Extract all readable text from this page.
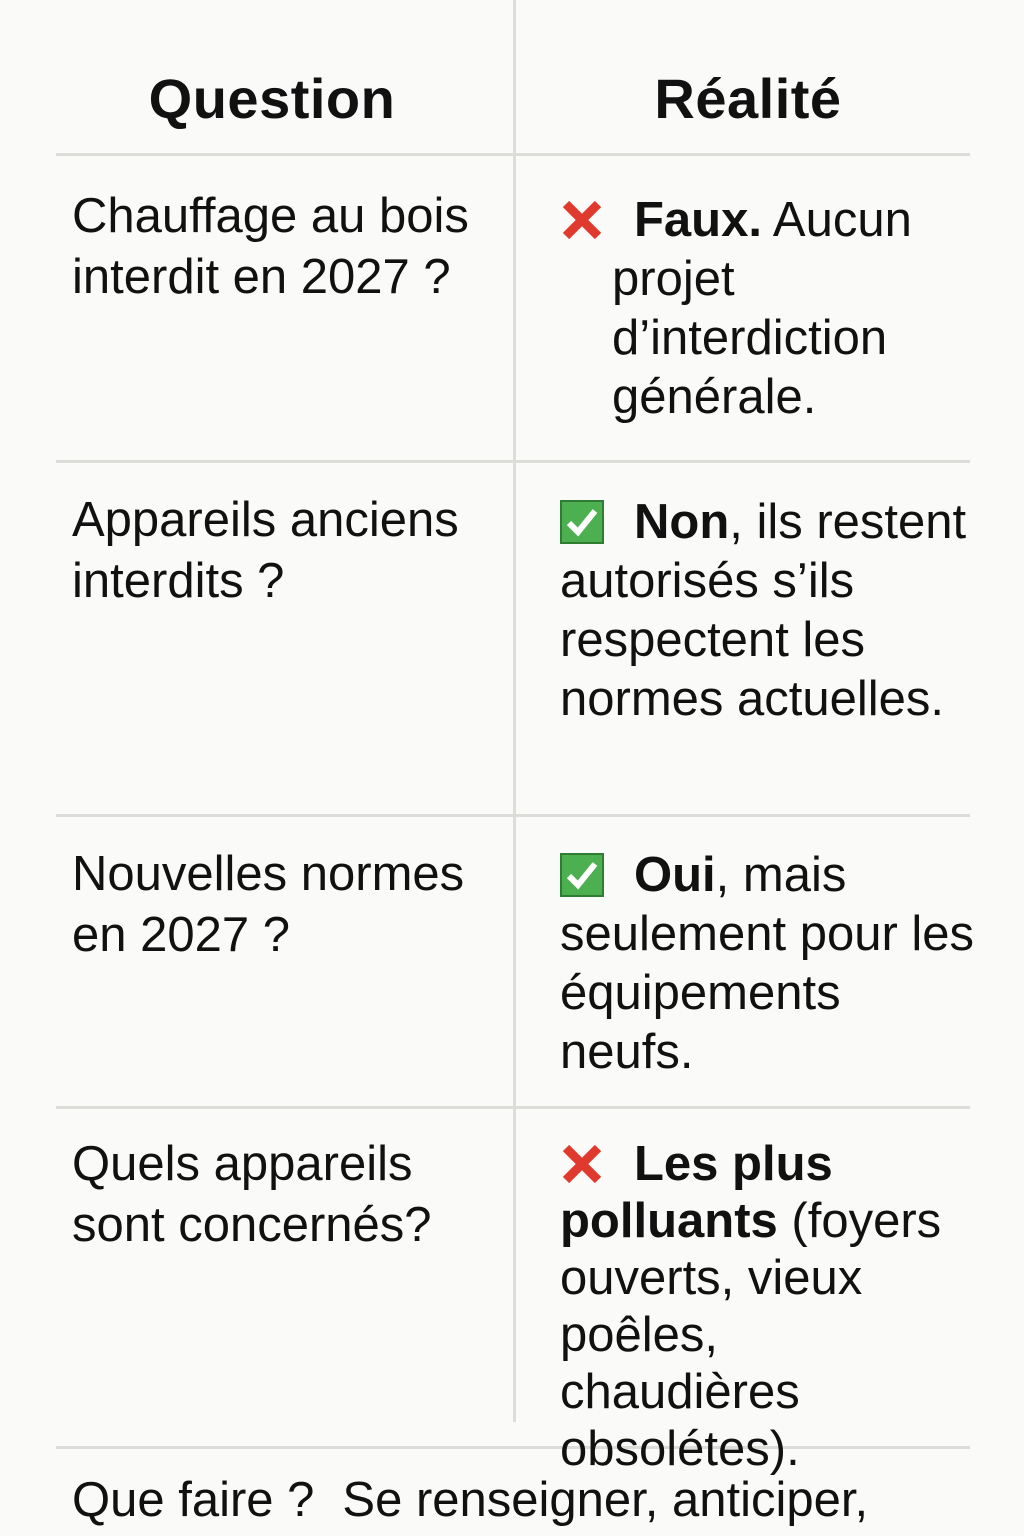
Question	Réalité
Chauffage au bois interdit en 2027 ?
Faux. Aucun projet d’interdiction générale.
Appareils anciens interdits ?
Non, ils restent autorisés s’ils respectent les normes actuelles.
Nouvelles normes en 2027 ?
Oui, mais seulement pour les équipements neufs.
Quels appareils sont concernés?
Les plus polluants (foyers ouverts, vieux poêles, chaudières obsolétes).
Que faire ? Se renseigner, anticiper,
